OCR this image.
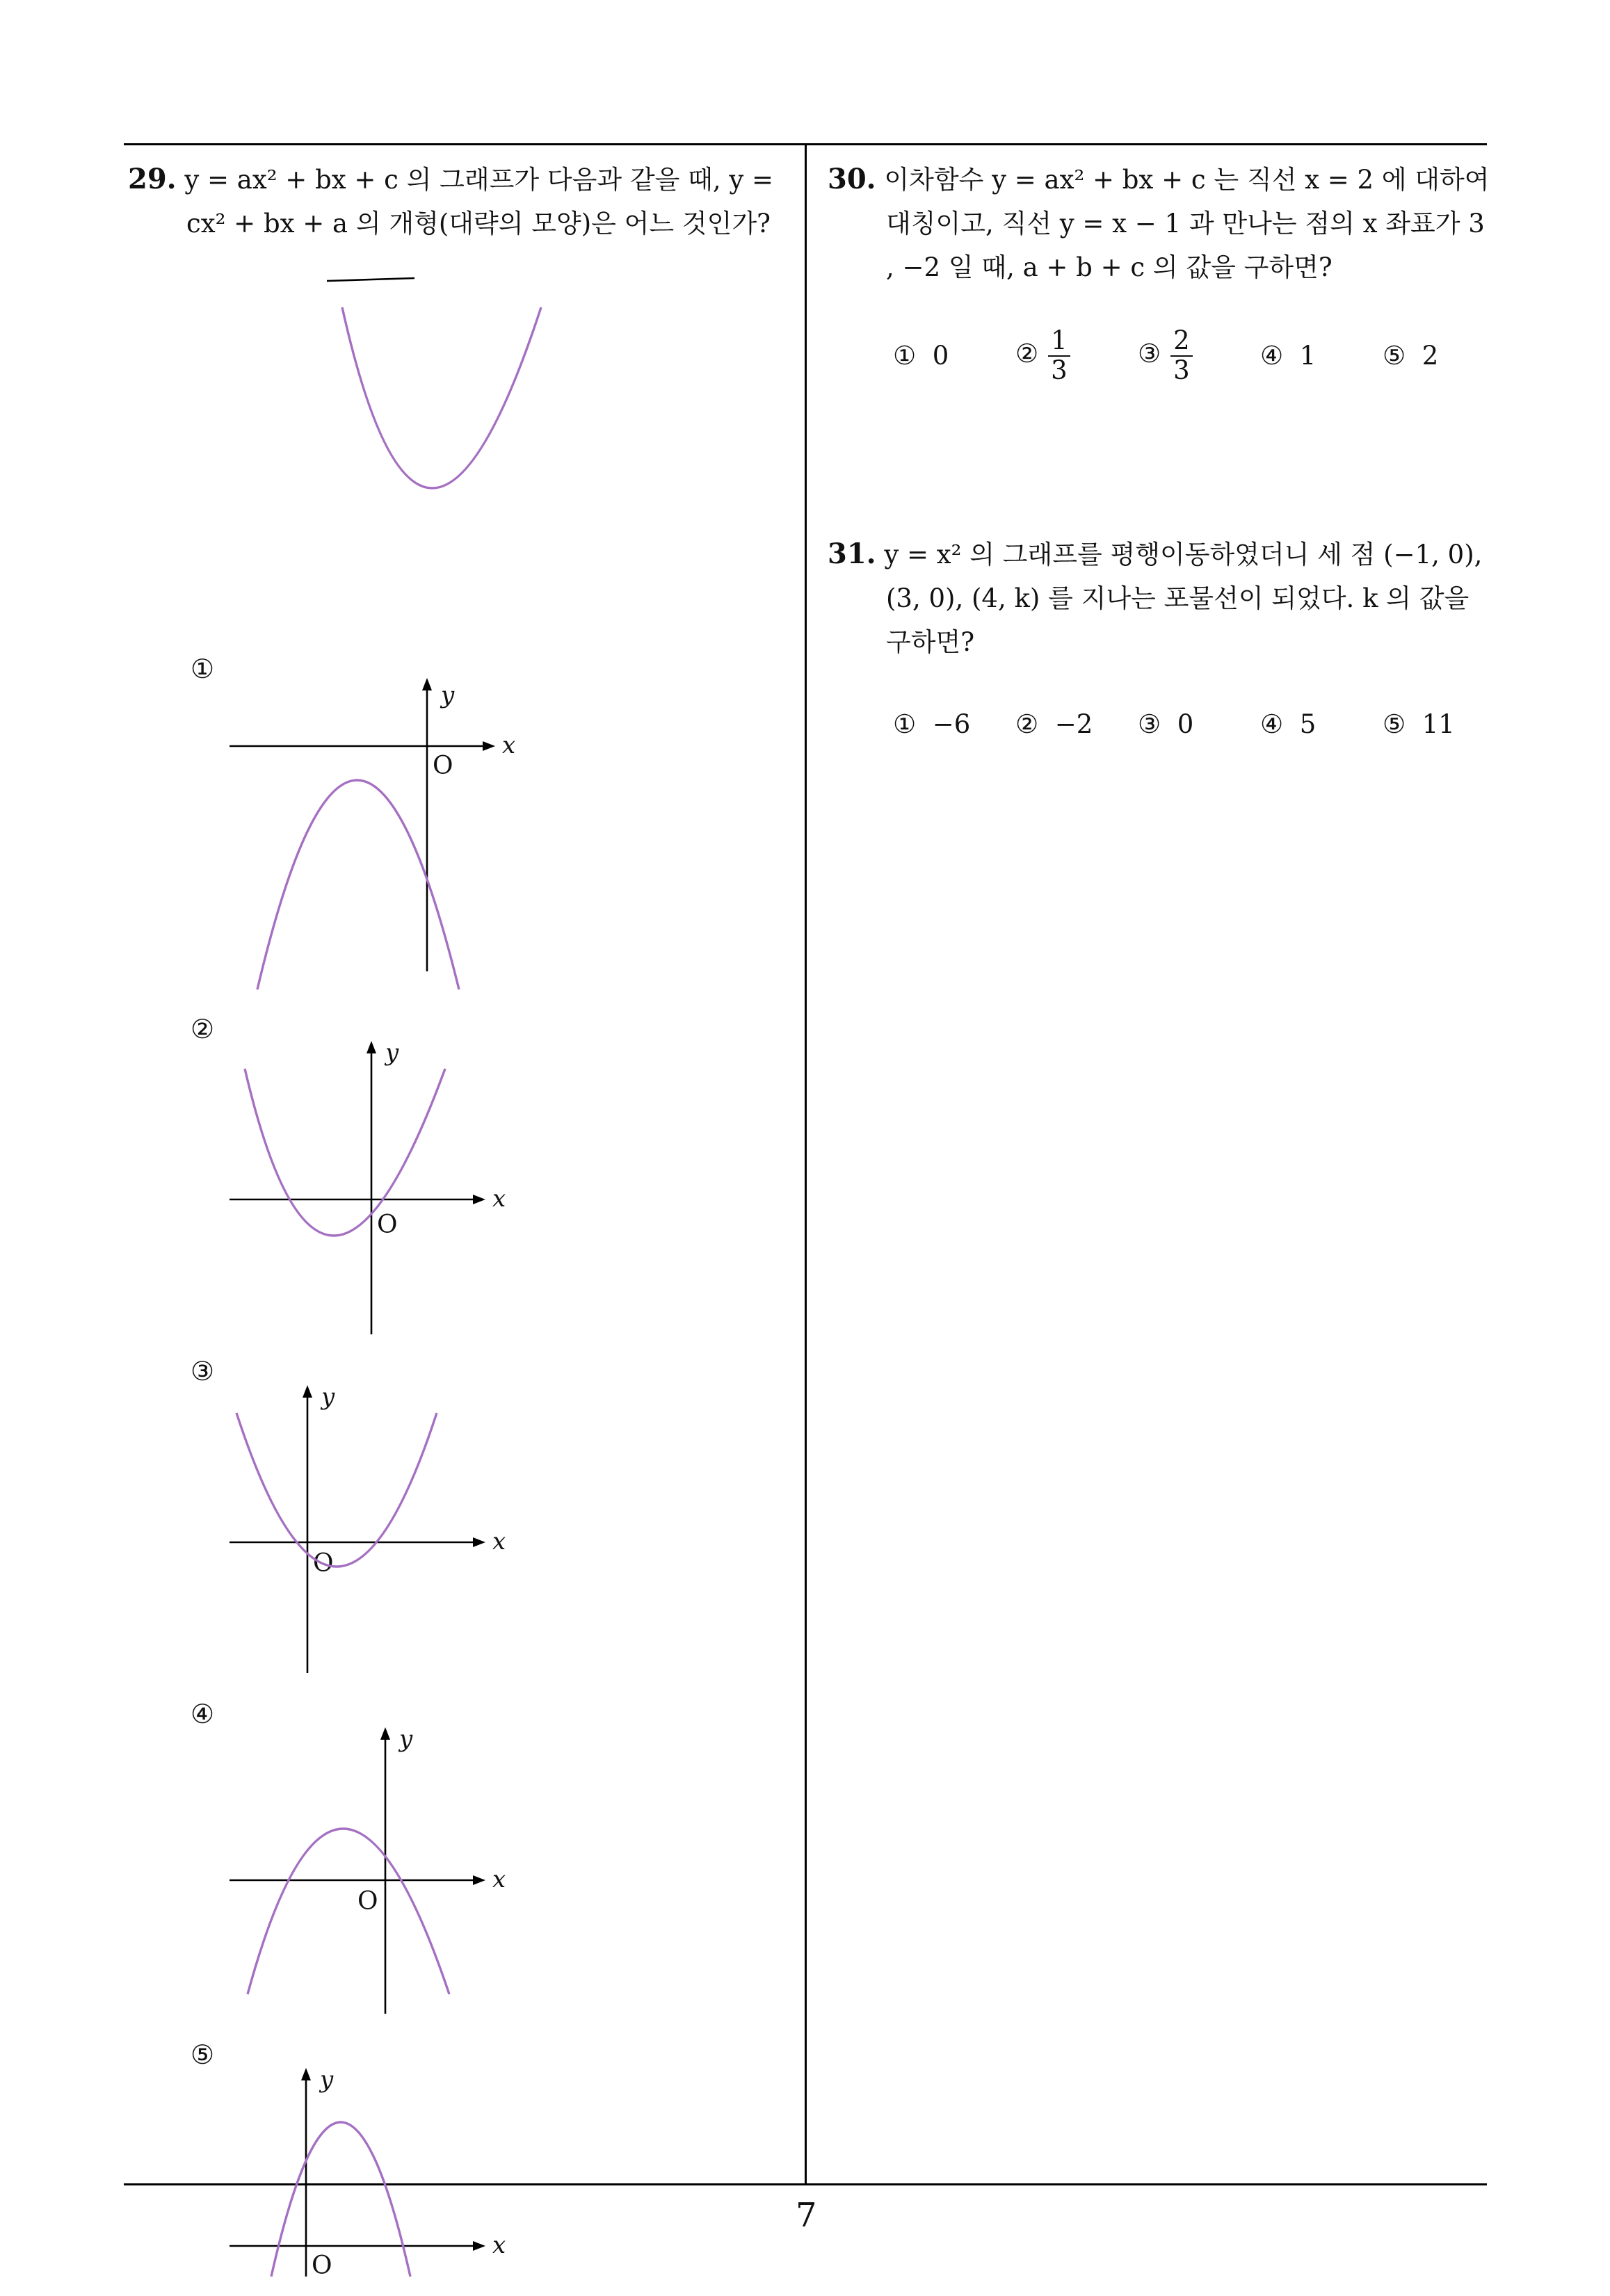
29. y = ax² + bx + c 의 그래프가 다음과 같을 때, y =
cx² + bx + a 의 개형(대략의 모양)은 어느 것인가?
①
x
y
O
②
x
y
O
③
x
y
O
④
x
y
O
⑤
x
y
O
30. 이차함수 y = ax² + bx + c 는 직선 x = 2 에 대하여
대칭이고, 직선 y = x − 1 과 만나는 점의 x 좌표가 3
, −2 일 때, a + b + c 의 값을 구하면?
① 0	② $\frac{1}{3}$	③ $\frac{2}{3}$	④ 1	⑤ 2
31. y = x² 의 그래프를 평행이동하였더니 세 점 (−1, 0),
(3, 0), (4, k) 를 지나는 포물선이 되었다. k 의 값을
구하면?
① −6 ② −2 ③ 0	④ 5	⑤ 11
7
